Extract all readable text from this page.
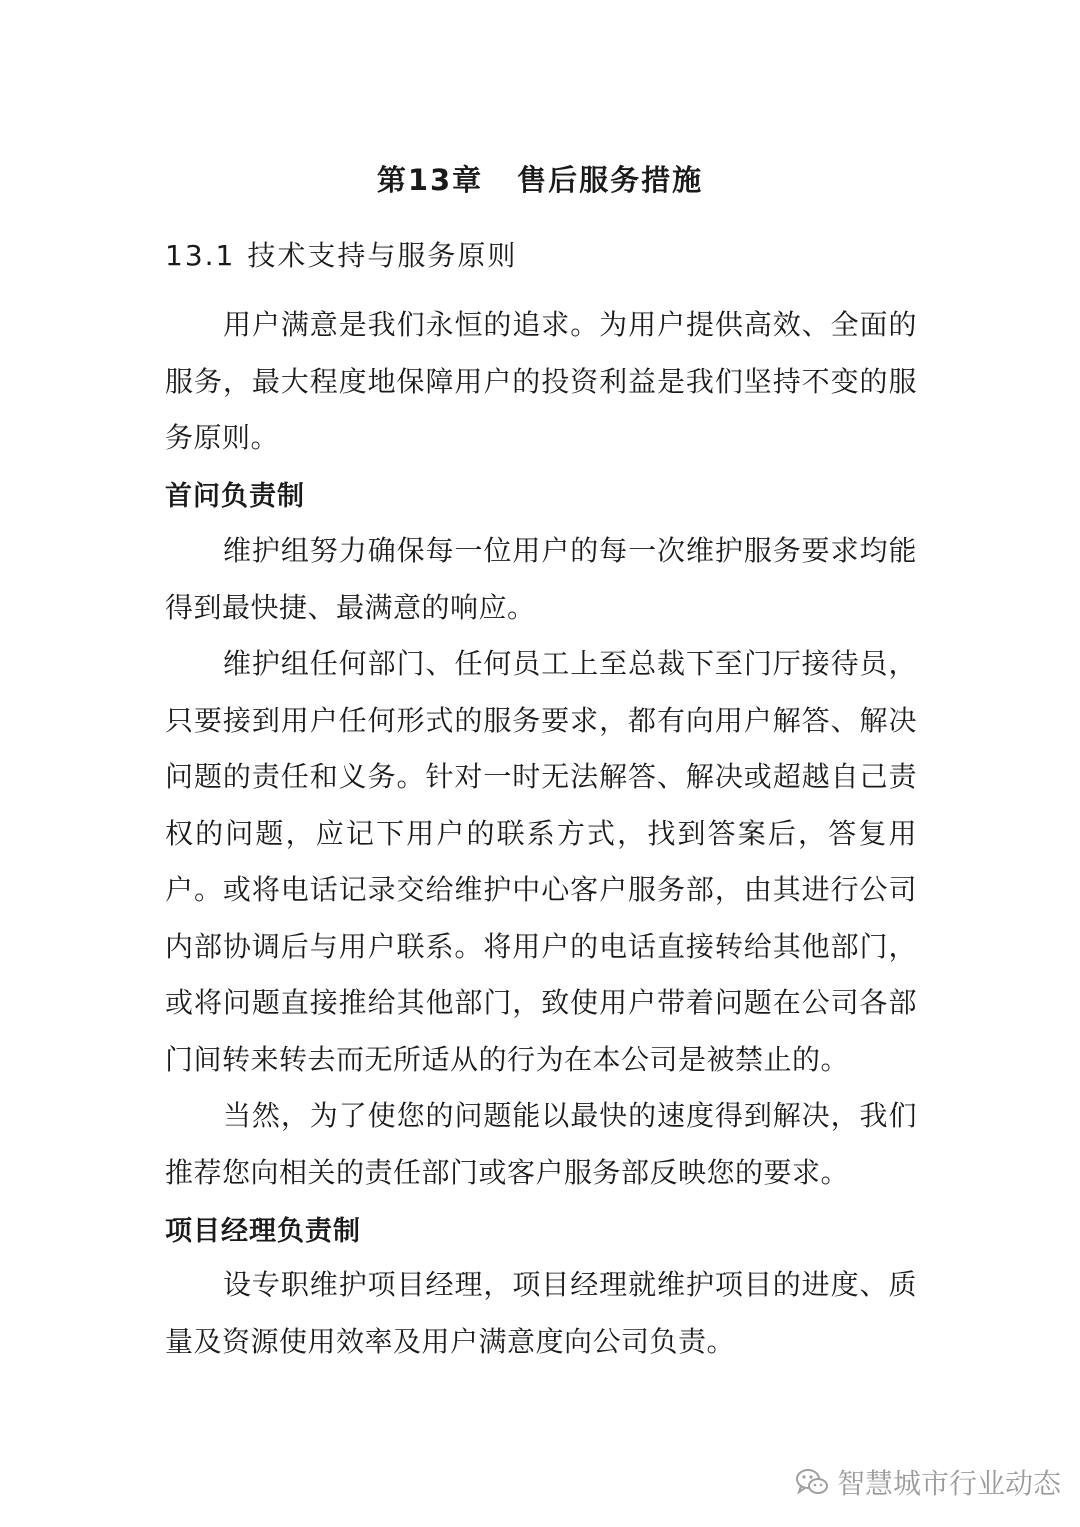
第13章 售后服务措施
13.1 技术支持与服务原则

用户满意是我们永恒的追求。为用户提供高效、全面的服务，最大程度地保障用户的投资利益是我们坚持不变的服务原则。

首问负责制

维护组努力确保每一位用户的每一次维护服务要求均能得到最快捷、最满意的响应。

维护组任何部门、任何员工上至总裁下至门厅接待员，只要接到用户任何形式的服务要求，都有向用户解答、解决问题的责任和义务。针对一时无法解答、解决或超越自己责权的问题，应记下用户的联系方式，找到答案后，答复用户。或将电话记录交给维护中心客户服务部，由其进行公司内部协调后与用户联系。将用户的电话直接转给其他部门，或将问题直接推给其他部门，致使用户带着问题在公司各部门间转来转去而无所适从的行为在本公司是被禁止的。

当然，为了使您的问题能以最快的速度得到解决，我们推荐您向相关的责任部门或客户服务部反映您的要求。

项目经理负责制

设专职维护项目经理，项目经理就维护项目的进度、质量及资源使用效率及用户满意度向公司负责。

智慧城市行业动态
